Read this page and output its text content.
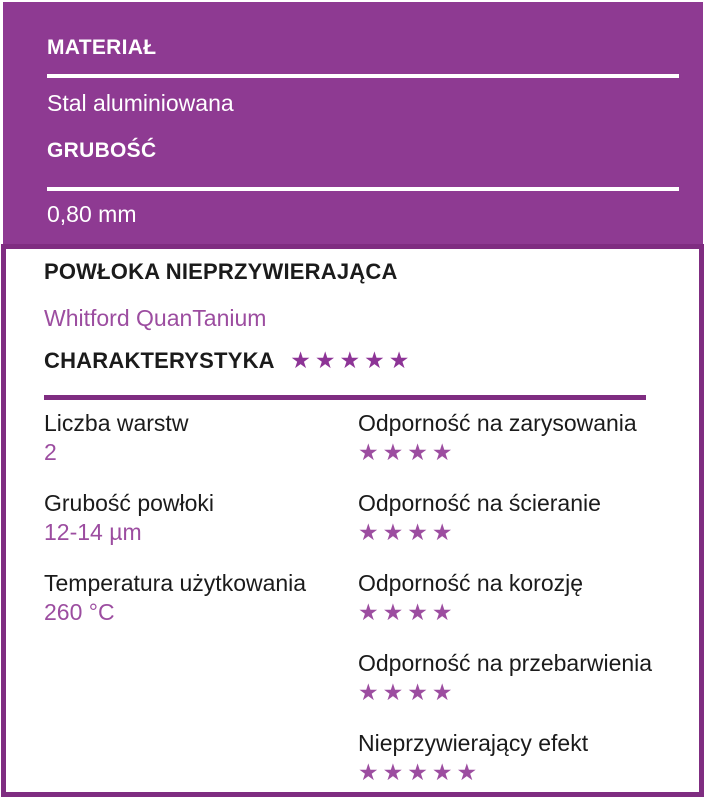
MATERIAŁ
Stal aluminiowana
GRUBOŚĆ
0,80 mm
POWŁOKA NIEPRZYWIERAJĄCA
Whitford QuanTanium
CHARAKTERYSTYKA ★★★★★
Liczba warstw
2
Grubość powłoki
12-14 µm
Temperatura użytkowania
260 °C
Odporność na zarysowania
★★★★
Odporność na ścieranie
★★★★
Odporność na korozję
★★★★
Odporność na przebarwienia
★★★★
Nieprzywierający efekt
★★★★★
